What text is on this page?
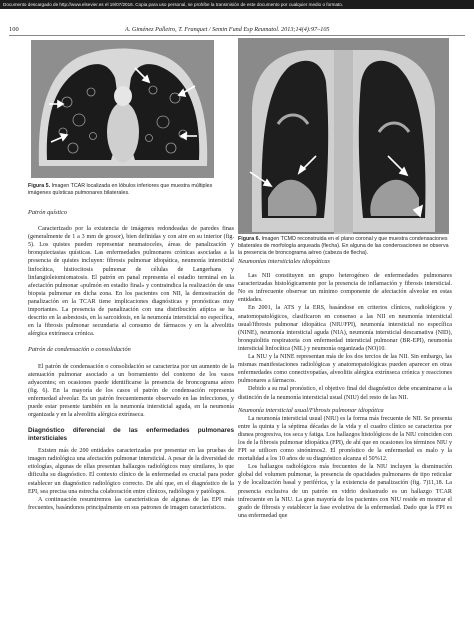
Documento descargado de http://www.elsevier.es el 19/07/2016. Copia para uso personal, se prohíbe la transmisión de este documento por cualquier medio o formato.
100	A. Giménez Palleiro, T. Franquet / Semin Fund Esp Reumatol. 2013;14(4):97–105
Figura 5. Imagen TCAR localizada en lóbulos inferiores que muestra múltiples imágenes quísticas pulmonares bilaterales.
Figura 6. Imagen TCMD reconstruida en el plano coronal y que muestra condensaciones bilaterales de morfología arqueada (flecha). En alguna de las condensaciones se observa la presencia de broncograma aéreo (cabeza de flecha).
Patrón quístico

Caracterizado por la existencia de imágenes redondeadas de paredes finas (generalmente de 1 a 3 mm de grosor), bien definidas y con aire en su interior (fig. 5). Los quistes pueden representar neumatoceles, áreas de panalización y bronquiectasias quísticas. Las enfermedades pulmonares crónicas asociadas a la presencia de quistes incluyen: fibrosis pulmonar idiopática, neumonía intersticial linfocítica, histiocitosis pulmonar de células de Langerhans y linfangioleiomiomatosis. El patrón en panal representa el estadio terminal en la afectación pulmonar «pulmón en estadio final» y contraindica la realización de una biopsia pulmonar en dicha zona. En los pacientes con NII, la demostración de panalización en la TCAR tiene implicaciones diagnósticas y pronósticas muy importantes. La presencia de panalización con una distribución atípica se ha descrito en la asbestosis, en la sarcoidosis, en la neumonía intersticial no específica, en la fibrosis pulmonar secundaria al consumo de fármacos y en la alveolitis alérgica extrínseca crónica.

Patrón de condensación o consolidación

El patrón de condensación o consolidación se caracteriza por un aumento de la atenuación pulmonar asociado a un borramiento del contorno de los vasos adyacentes; en ocasiones puede identificarse la presencia de broncograma aéreo (fig. 6). En la mayoría de los casos el patrón de condensación representa enfermedad alveolar. Es un patrón frecuentemente observado en las infecciones, y puede estar presente también en la neumonía intersticial aguda, en la neumonía organizada y en la alveolitis alérgica extrínseca.

Diagnóstico diferencial de las enfermedades pulmonares intersticiales

Existen más de 200 entidades caracterizadas por presentar en las pruebas de imagen radiológica una afectación pulmonar intersticial. A pesar de la diversidad de etiologías, algunas de ellas presentan hallazgos radiológicos muy similares, lo que dificulta su diagnóstico. El contexto clínico de la enfermedad es crucial para poder establecer un diagnóstico radiológico correcto. De ahí que, en el diagnóstico de la EPI, sea precisa una estrecha colaboración entre clínicos, radiólogos y patólogos.

A continuación resumiremos las características de algunas de las EPI más frecuentes, basándonos principalmente en sus patrones de imagen característicos.

Neumonías intersticiales idiopáticas

Las NII constituyen un grupo heterogéneo de enfermedades pulmonares caracterizadas histológicamente por la presencia de inflamación y fibrosis intersticial. No es infrecuente observar un mínimo componente de afectación alveolar en estas entidades.

En 2001, la ATS y la ERS, basándose en criterios clínicos, radiológicos y anatomopatológicos, clasificaron en consenso a las NII en neumonía intersticial usual/fibrosis pulmonar idiopática (NIU/FPI), neumonía intersticial no específica (NINE), neumonía intersticial aguda (NIA), neumonía intersticial descamativa (NID), bronquiolitis respiratoria con enfermedad intersticial pulmonar (BR-EPI), neumonía intersticial linfocítica (NIL) y neumonía organizada (NO)10.

La NIU y la NINE representan más de los dos tercios de las NII. Sin embargo, las mismas manifestaciones radiológicas y anatomopatológicas pueden aparecer en otras enfermedades como conectivopatías, alveolitis alérgica extrínseca crónica y reacciones pulmonares a fármacos.

Debido a su mal pronóstico, el objetivo final del diagnóstico debe encaminarse a la distinción de la neumonía intersticial usual (NIU) del resto de las NII.

Neumonía intersticial usual/Fibrosis pulmonar idiopática

La neumonía intersticial usual (NIU) es la forma más frecuente de NII. Se presenta entre la quinta y la séptima décadas de la vida y el cuadro clínico se caracteriza por disnea progresiva, tos seca y fatiga. Los hallazgos histológicos de la NIU coinciden con los de la fibrosis pulmonar idiopática (FPI), de ahí que en ocasiones los términos NIU y FPI se utilicen como sinónimos2. El pronóstico de la enfermedad es malo y la mortalidad a los 10 años de su diagnóstico alcanza el 50%12.

Los hallazgos radiológicos más frecuentes de la NIU incluyen la disminución global del volumen pulmonar, la presencia de opacidades pulmonares de tipo reticular y de localización basal y periférica, y la existencia de panalización (fig. 7)11,18. La presencia exclusiva de un patrón en vidrio deslustrado es un hallazgo TCAR infrecuente en la NIU. La gran mayoría de los pacientes con NIU reside en mostrar el grado de fibrosis y establecer la fase evolutiva de la enfermedad. Dado que la FPI es una enfermedad que
